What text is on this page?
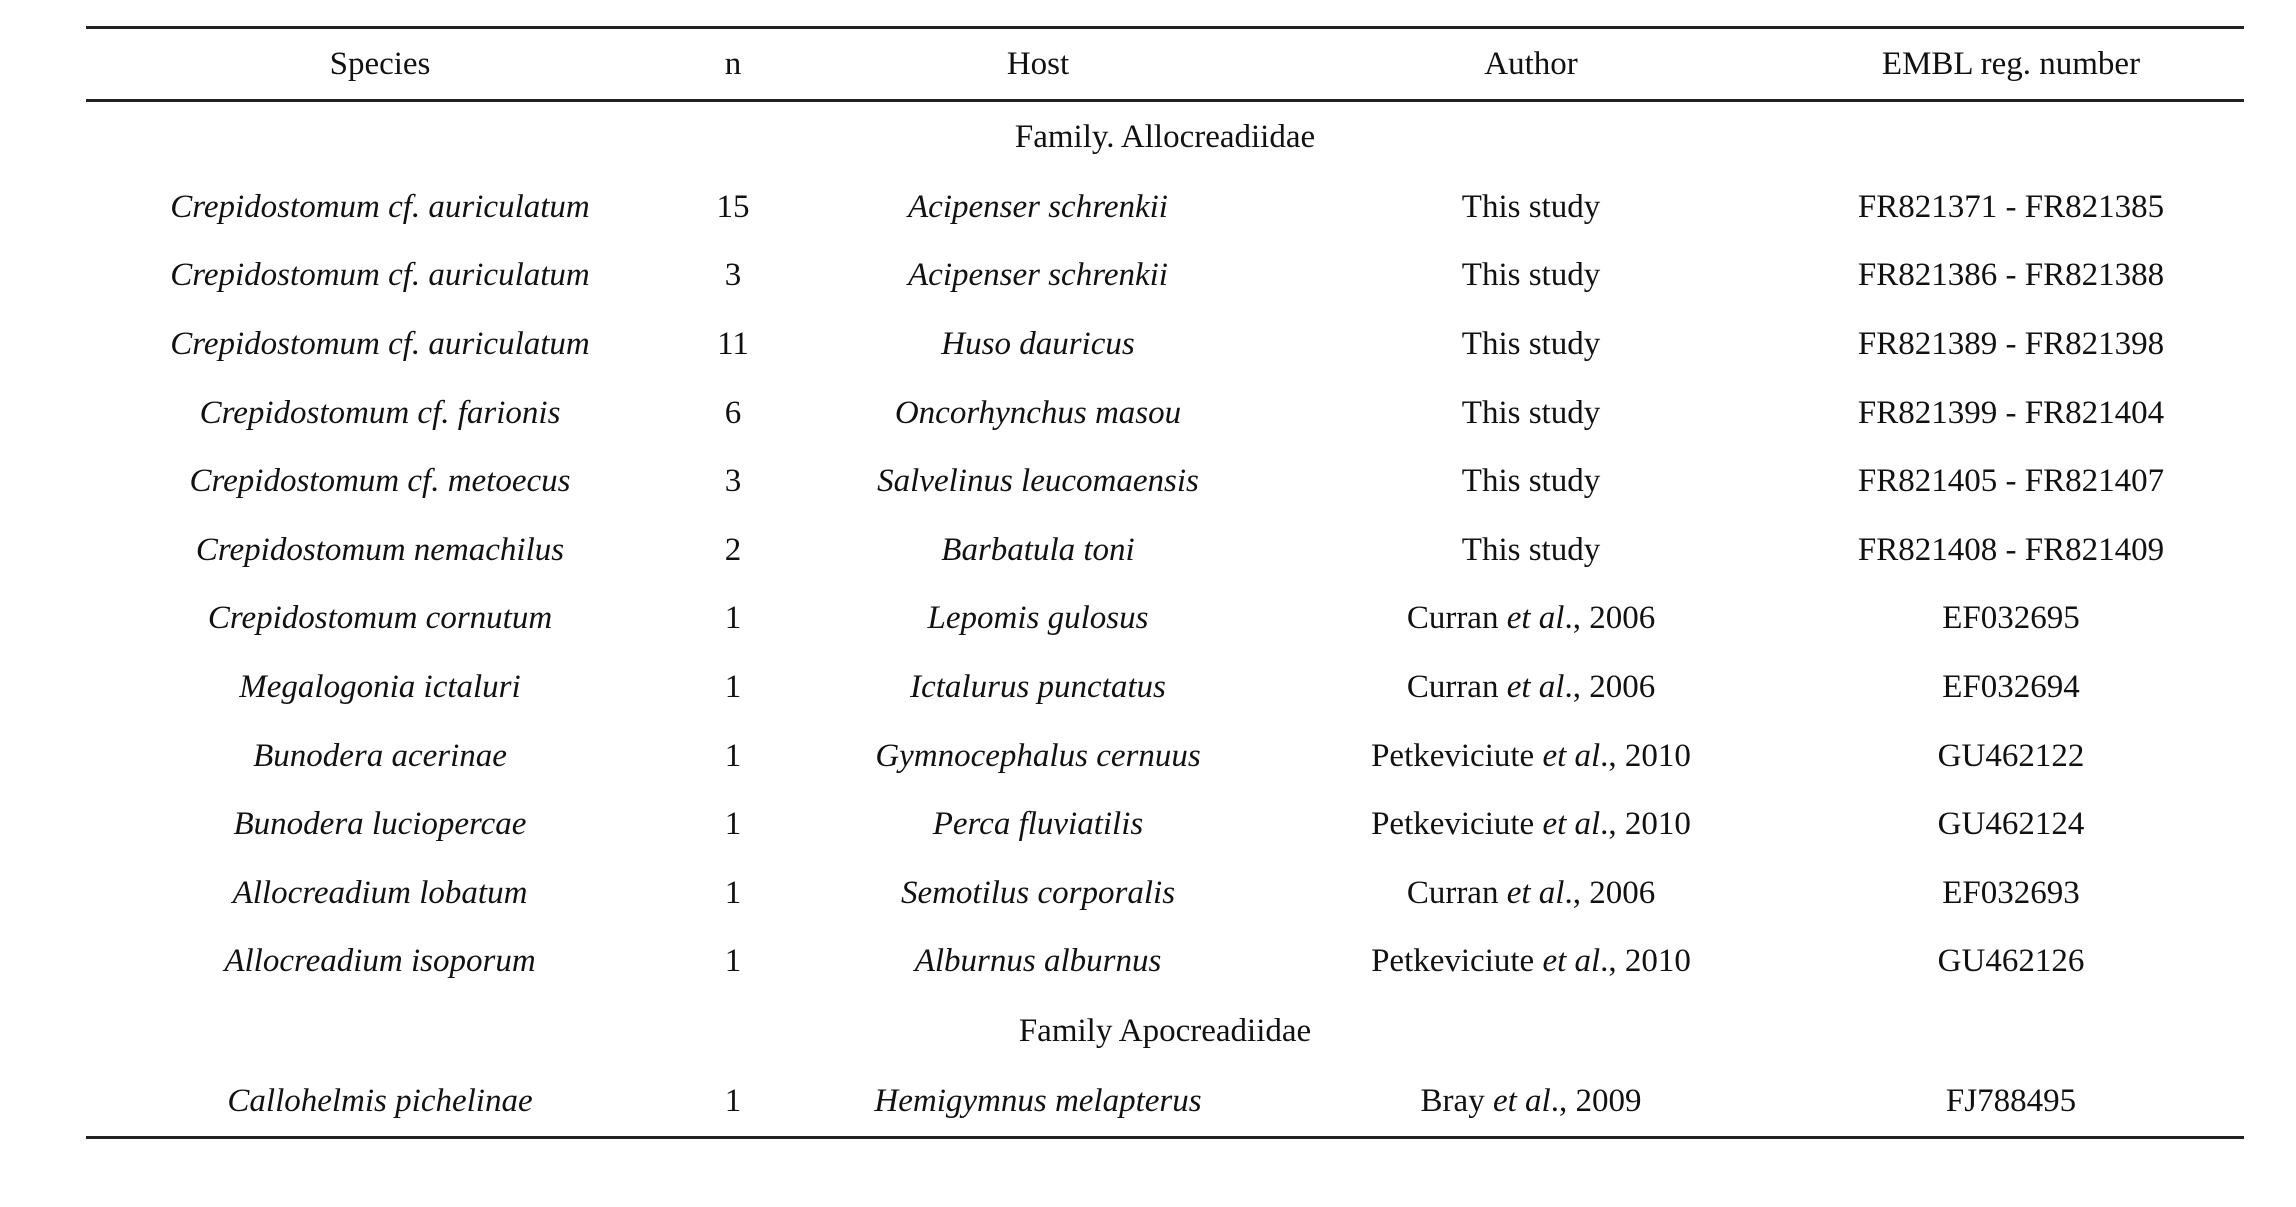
Species	n	Host	Author	EMBL reg. number
Family. Allocreadiidae				
Crepidostomum cf. auriculatum	15	Acipenser schrenkii	This study	FR821371 - FR821385
Crepidostomum cf. auriculatum	3	Acipenser schrenkii	This study	FR821386 - FR821388
Crepidostomum cf. auriculatum	11	Huso dauricus	This study	FR821389 - FR821398
Crepidostomum cf. farionis	6	Oncorhynchus masou	This study	FR821399 - FR821404
Crepidostomum cf. metoecus	3	Salvelinus leucomaensis	This study	FR821405 - FR821407
Crepidostomum nemachilus	2	Barbatula toni	This study	FR821408 - FR821409
Crepidostomum cornutum	1	Lepomis gulosus	Curran et al., 2006	EF032695
Megalogonia ictaluri	1	Ictalurus punctatus	Curran et al., 2006	EF032694
Bunodera acerinae	1	Gymnocephalus cernuus	Petkeviciute et al., 2010	GU462122
Bunodera luciopercae	1	Perca fluviatilis	Petkeviciute et al., 2010	GU462124
Allocreadium lobatum	1	Semotilus corporalis	Curran et al., 2006	EF032693
Allocreadium isoporum	1	Alburnus alburnus	Petkeviciute et al., 2010	GU462126
Family Apocreadiidae				
Callohelmis pichelinae	1	Hemigymnus melapterus	Bray et al., 2009	FJ788495
